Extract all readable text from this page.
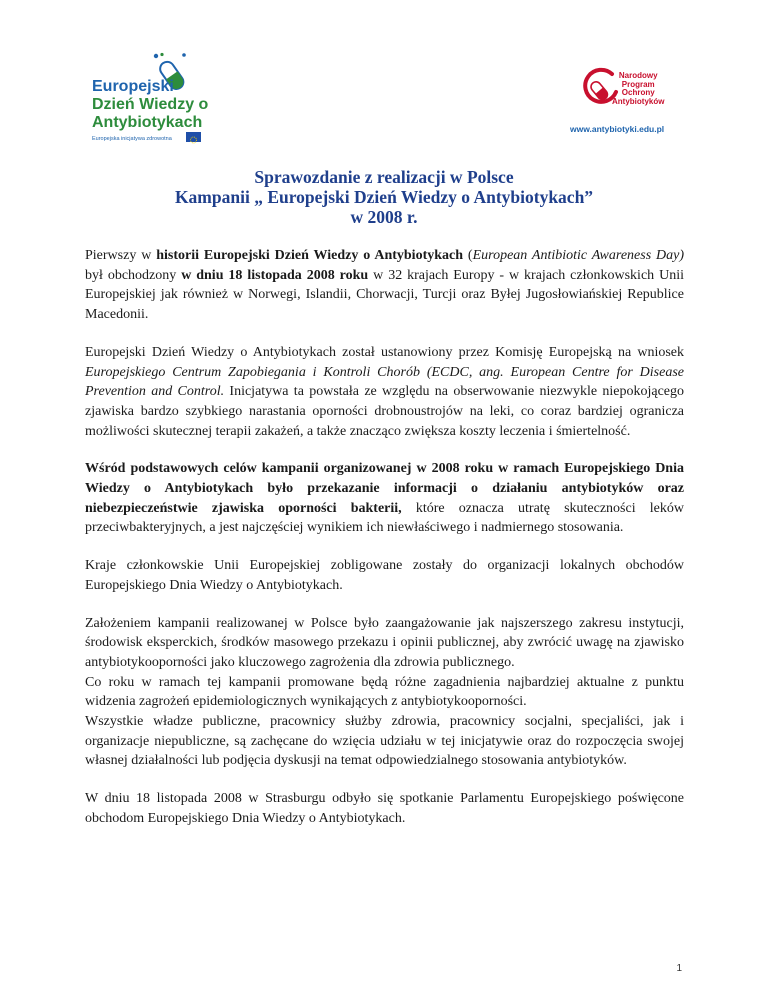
Europejski
Dzień Wiedzy o
Antybiotykach
Europejska inicjatywa zdrowotna
Narodowy
Program
Ochrony
Antybiotyków
www.antybiotyki.edu.pl
Sprawozdanie z realizacji w Polsce
Kampanii „ Europejski Dzień Wiedzy o Antybiotykach”
w 2008 r.

Pierwszy w historii Europejski Dzień Wiedzy o Antybiotykach (European Antibiotic Awareness Day) był obchodzony w dniu 18 listopada 2008 roku w 32 krajach Europy - w krajach członkowskich Unii Europejskiej jak również w Norwegi, Islandii, Chorwacji, Turcji oraz Byłej Jugosłowiańskiej Republice Macedonii.

Europejski Dzień Wiedzy o Antybiotykach został ustanowiony przez Komisję Europejską na wniosek Europejskiego Centrum Zapobiegania i Kontroli Chorób (ECDC, ang. European Centre for Disease Prevention and Control. Inicjatywa ta powstała ze względu na obserwowanie niezwykle niepokojącego zjawiska bardzo szybkiego narastania oporności drobnoustrojów na leki, co coraz bardziej ogranicza możliwości skutecznej terapii zakażeń, a także znacząco zwiększa koszty leczenia i śmiertelność.

Wśród podstawowych celów kampanii organizowanej w 2008 roku w ramach Europejskiego Dnia Wiedzy o Antybiotykach było przekazanie informacji o działaniu antybiotyków oraz niebezpieczeństwie zjawiska oporności bakterii, które oznacza utratę skuteczności leków przeciwbakteryjnych, a jest najczęściej wynikiem ich niewłaściwego i nadmiernego stosowania.

Kraje członkowskie Unii Europejskiej zobligowane zostały do organizacji lokalnych obchodów Europejskiego Dnia Wiedzy o Antybiotykach.

Założeniem kampanii realizowanej w Polsce było zaangażowanie jak najszerszego zakresu instytucji, środowisk eksperckich, środków masowego przekazu i opinii publicznej, aby zwrócić uwagę na zjawisko antybiotykooporności jako kluczowego zagrożenia dla zdrowia publicznego.

Co roku w ramach tej kampanii promowane będą różne zagadnienia najbardziej aktualne z punktu widzenia zagrożeń epidemiologicznych wynikających z antybiotykooporności.

Wszystkie władze publiczne, pracownicy służby zdrowia, pracownicy socjalni, specjaliści, jak i organizacje niepubliczne, są zachęcane do wzięcia udziału w tej inicjatywie oraz do rozpoczęcia swojej własnej działalności lub podjęcia dyskusji na temat odpowiedzialnego stosowania antybiotyków.

W dniu 18 listopada 2008 w Strasburgu odbyło się spotkanie Parlamentu Europejskiego poświęcone obchodom Europejskiego Dnia Wiedzy o Antybiotykach.

1
